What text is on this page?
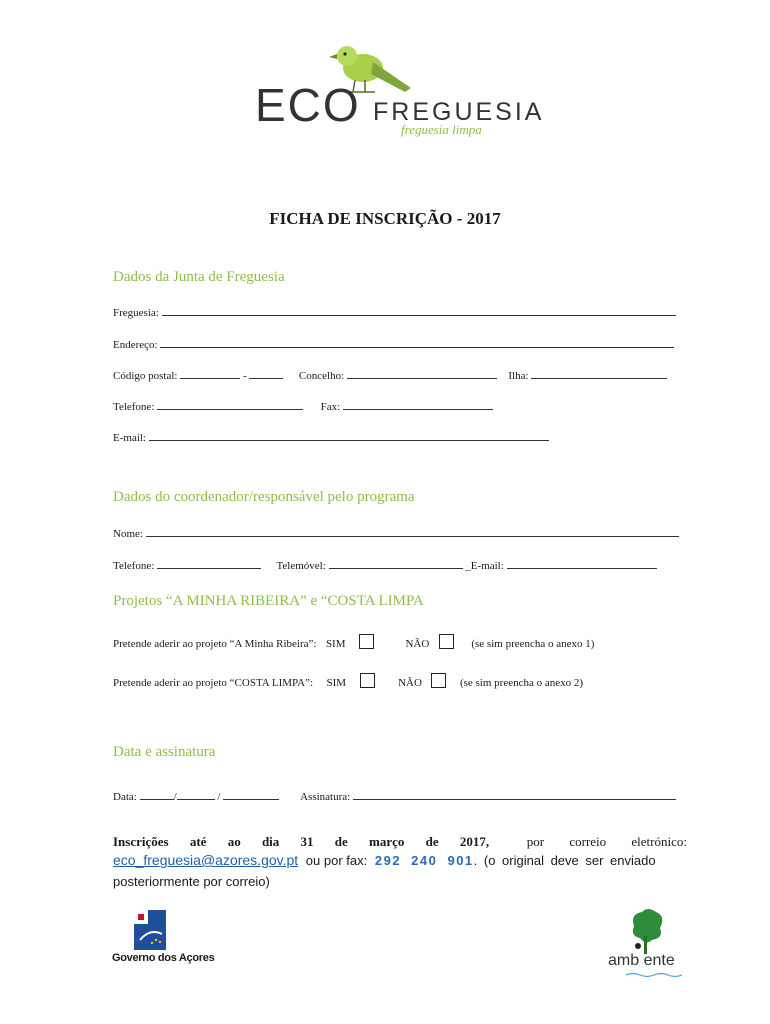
ECO FREGUESIA
freguesia limpa
FICHA DE INSCRIÇÃO - 2017
Dados da Junta de Freguesia
Freguesia:
Endereço:
Código postal:	-	Concelho:	Ilha:
Telefone:	Fax:
E-mail:
Dados do coordenador/responsável pelo programa
Nome:
Telefone:	Telemóvel:	_E-mail:
Projetos “A MINHA RIBEIRA” e “COSTA LIMPA
Pretende aderir ao projeto “A Minha Ribeira”: SIM	NÃO	(se sim preencha o anexo 1)
Pretende aderir ao projeto “COSTA LIMPA”: SIM	NÃO	(se sim preencha o anexo 2)
Data e assinatura
Data:	/	/	Assinatura:
Inscrições até ao dia 31 de março de 2017,	por correio eletrónico:
eco_freguesia@azores.gov.pt ou por fax: 292 240 901. (o original deve ser enviado
posteriormente por correio)
Governo dos Açores	amb ente
